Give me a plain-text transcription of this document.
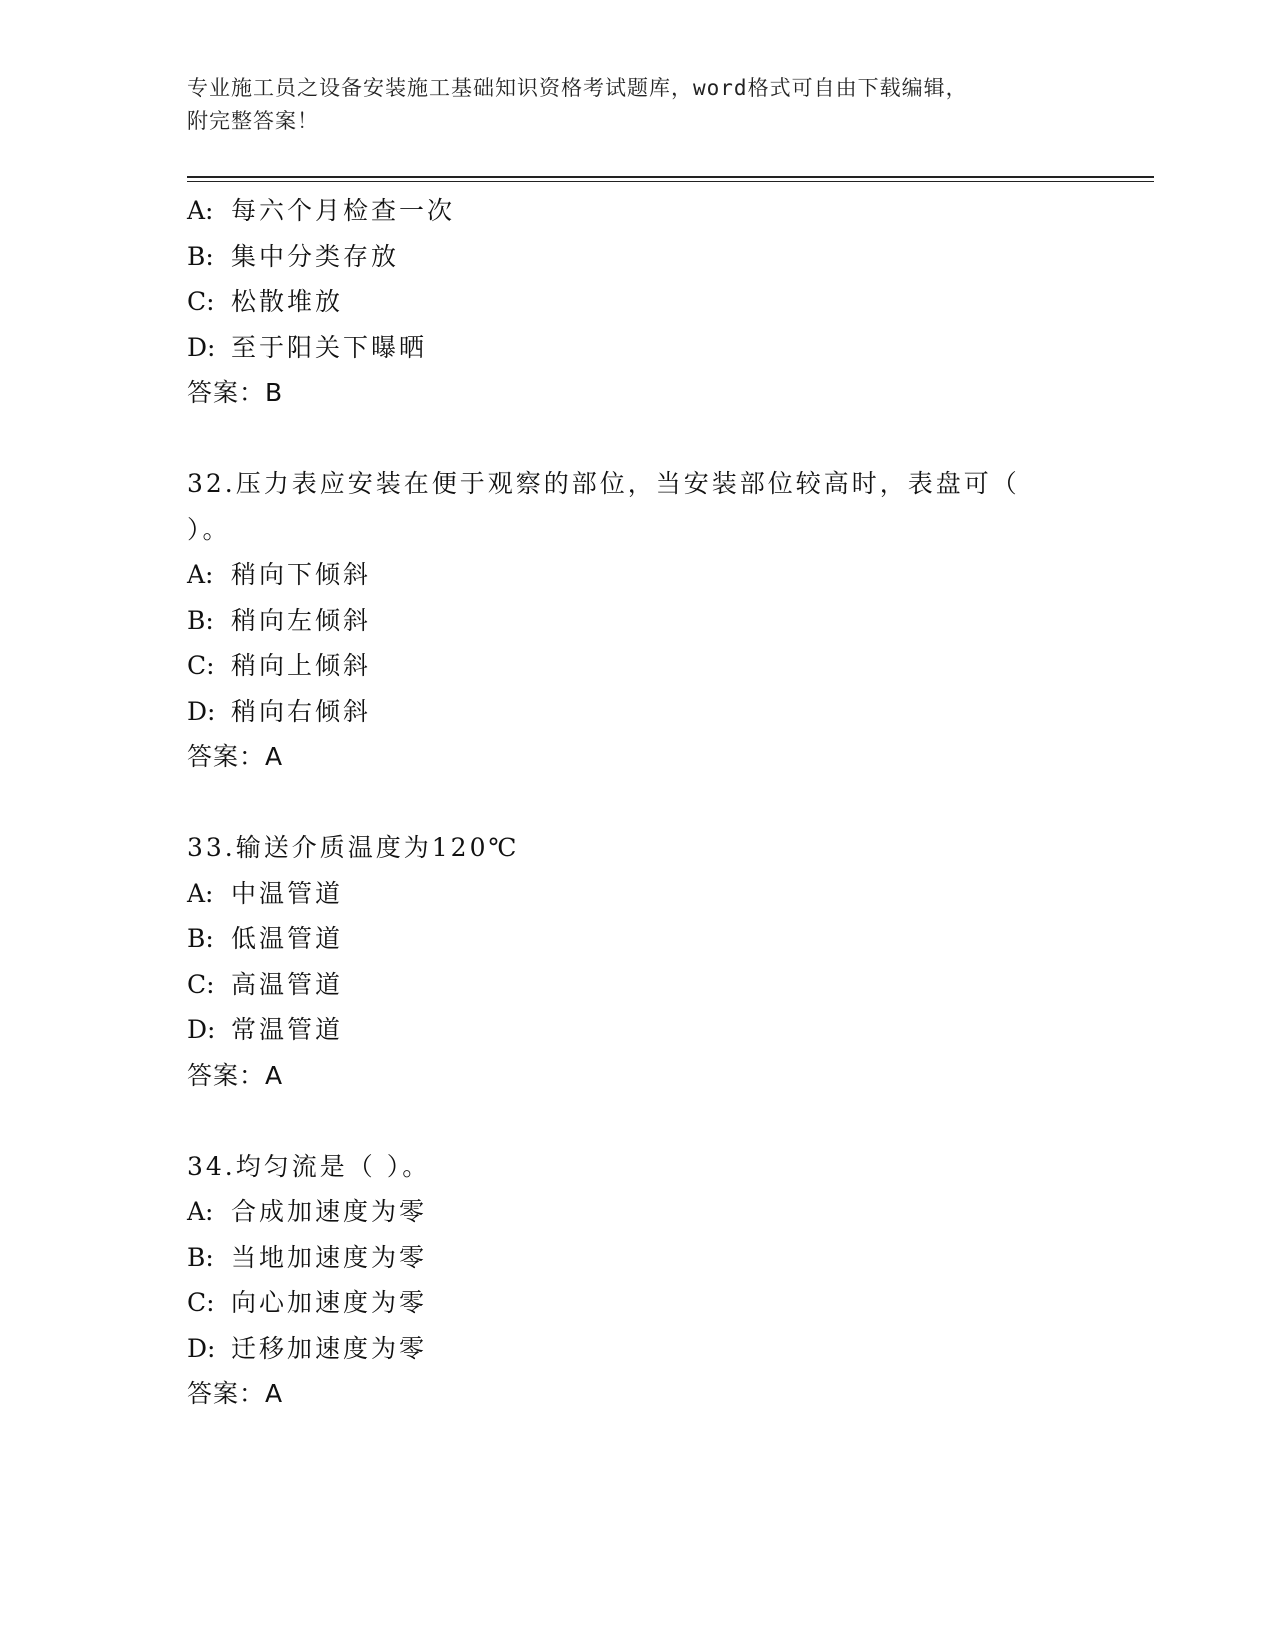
专业施工员之设备安装施工基础知识资格考试题库，word格式可自由下载编辑，
附完整答案！
A: 每六个月检查一次
B: 集中分类存放
C: 松散堆放
D: 至于阳关下曝晒
答案：B
32.压力表应安装在便于观察的部位，当安装部位较高时，表盘可（
）。
A: 稍向下倾斜
B: 稍向左倾斜
C: 稍向上倾斜
D: 稍向右倾斜
答案：A
33.输送介质温度为120℃
A: 中温管道
B: 低温管道
C: 高温管道
D: 常温管道
答案：A
34.均匀流是（ ）。
A: 合成加速度为零
B: 当地加速度为零
C: 向心加速度为零
D: 迁移加速度为零
答案：A
